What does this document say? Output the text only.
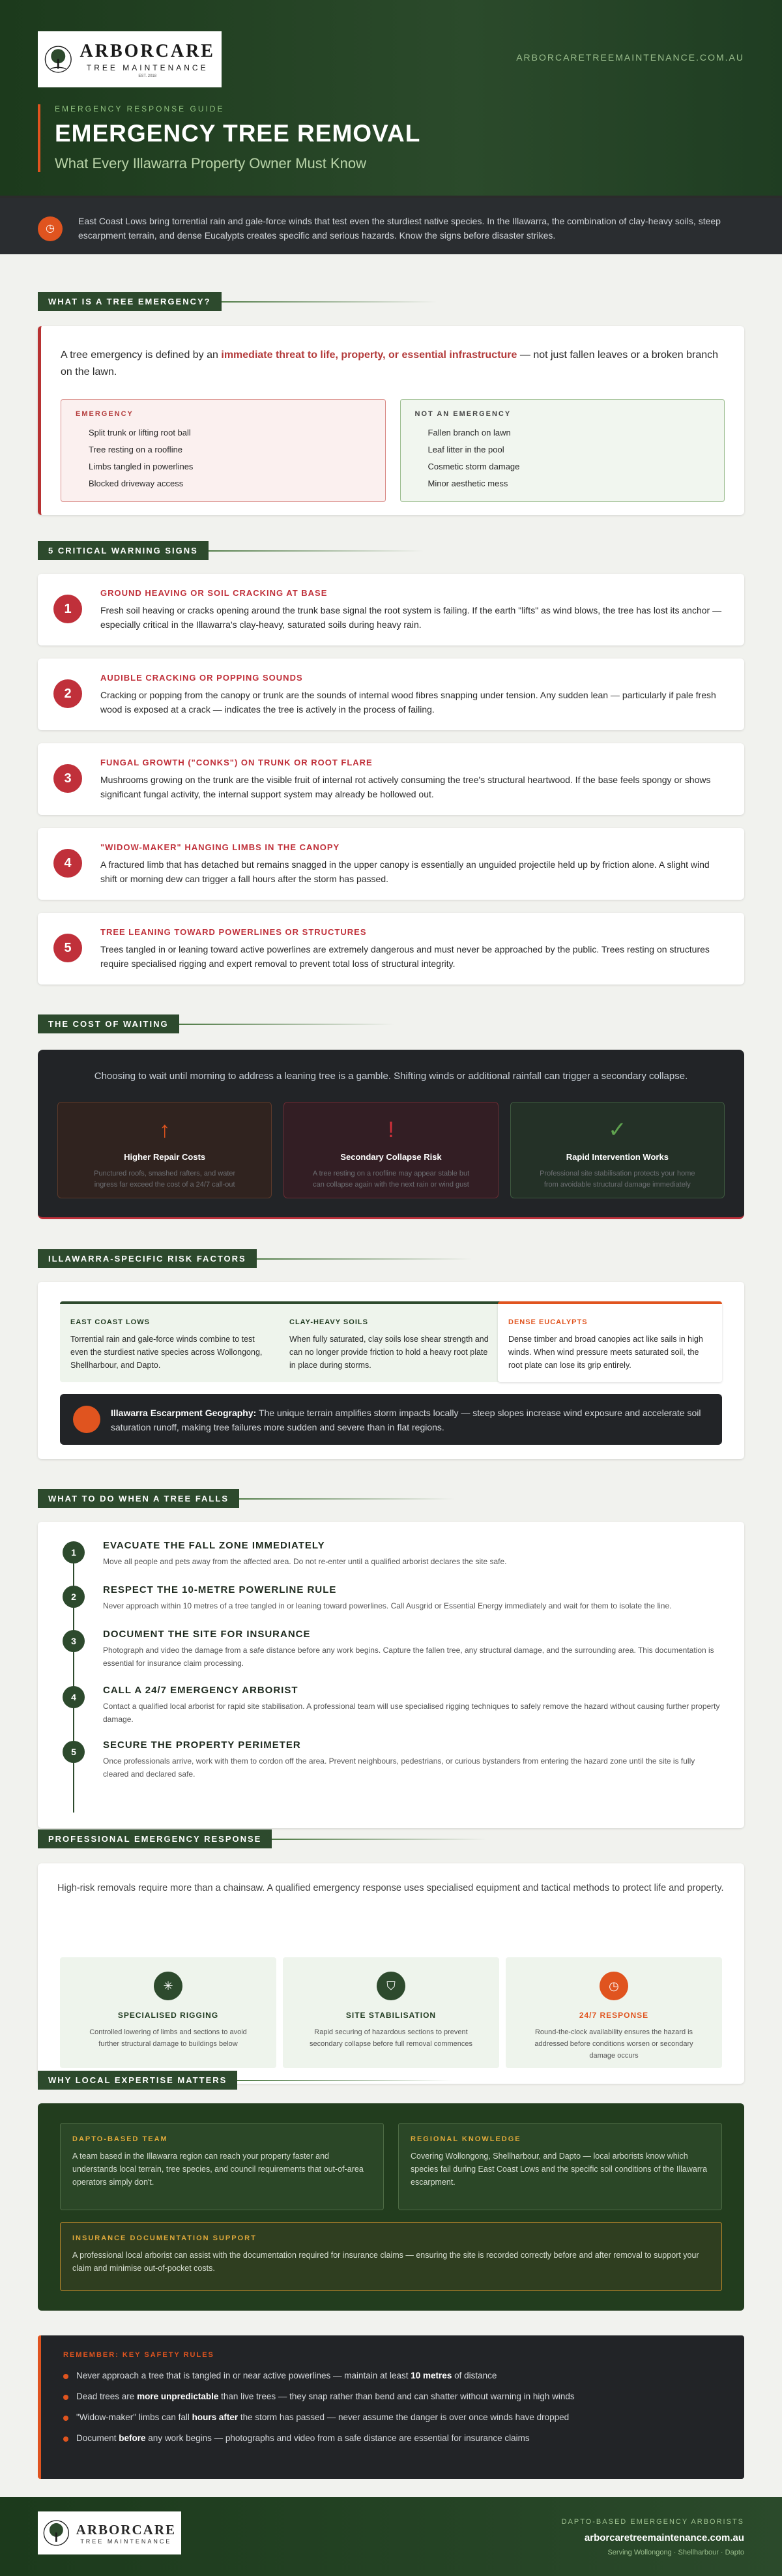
ARBORCARE
TREE MAINTENANCE
EST. 2018
ARBORCARETREEMAINTENANCE.COM.AU
EMERGENCY RESPONSE GUIDE
EMERGENCY TREE REMOVAL
What Every Illawarra Property Owner Must Know
◷
East Coast Lows bring torrential rain and gale-force winds that test even the sturdiest native species. In the Illawarra, the combination of clay-heavy soils, steep escarpment terrain, and dense Eucalypts creates specific and serious hazards. Know the signs before disaster strikes.
WHAT IS A TREE EMERGENCY?

A tree emergency is defined by an immediate threat to life, property, or essential infrastructure — not just fallen leaves or a broken branch on the lawn.

EMERGENCY
Split trunk or lifting root ball
Tree resting on a roofline
Limbs tangled in powerlines
Blocked driveway access
NOT AN EMERGENCY
Fallen branch on lawn
Leaf litter in the pool
Cosmetic storm damage
Minor aesthetic mess
5 CRITICAL WARNING SIGNS
1
GROUND HEAVING OR SOIL CRACKING AT BASE

Fresh soil heaving or cracks opening around the trunk base signal the root system is failing. If the earth "lifts" as wind blows, the tree has lost its anchor — especially critical in the Illawarra's clay-heavy, saturated soils during heavy rain.

2
AUDIBLE CRACKING OR POPPING SOUNDS

Cracking or popping from the canopy or trunk are the sounds of internal wood fibres snapping under tension. Any sudden lean — particularly if pale fresh wood is exposed at a crack — indicates the tree is actively in the process of failing.

3
FUNGAL GROWTH ("CONKS") ON TRUNK OR ROOT FLARE

Mushrooms growing on the trunk are the visible fruit of internal rot actively consuming the tree's structural heartwood. If the base feels spongy or shows significant fungal activity, the internal support system may already be hollowed out.

4
"WIDOW-MAKER" HANGING LIMBS IN THE CANOPY

A fractured limb that has detached but remains snagged in the upper canopy is essentially an unguided projectile held up by friction alone. A slight wind shift or morning dew can trigger a fall hours after the storm has passed.

5
TREE LEANING TOWARD POWERLINES OR STRUCTURES

Trees tangled in or leaning toward active powerlines are extremely dangerous and must never be approached by the public. Trees resting on structures require specialised rigging and expert removal to prevent total loss of structural integrity.

THE COST OF WAITING
Choosing to wait until morning to address a leaning tree is a gamble. Shifting winds or additional rainfall can trigger a secondary collapse.
↑
Higher Repair Costs

Punctured roofs, smashed rafters, and water ingress far exceed the cost of a 24/7 call-out

!
Secondary Collapse Risk

A tree resting on a roofline may appear stable but can collapse again with the next rain or wind gust

✓
Rapid Intervention Works

Professional site stabilisation protects your home from avoidable structural damage immediately

ILLAWARRA-SPECIFIC RISK FACTORS
EAST COAST LOWS

Torrential rain and gale-force winds combine to test even the sturdiest native species across Wollongong, Shellharbour, and Dapto.

CLAY-HEAVY SOILS

When fully saturated, clay soils lose shear strength and can no longer provide friction to hold a heavy root plate in place during storms.

DENSE EUCALYPTS

Dense timber and broad canopies act like sails in high winds. When wind pressure meets saturated soil, the root plate can lose its grip entirely.

Illawarra Escarpment Geography: The unique terrain amplifies storm impacts locally — steep slopes increase wind exposure and accelerate soil saturation runoff, making tree failures more sudden and severe than in flat regions.
WHAT TO DO WHEN A TREE FALLS
1
EVACUATE THE FALL ZONE IMMEDIATELY

Move all people and pets away from the affected area. Do not re-enter until a qualified arborist declares the site safe.

2
RESPECT THE 10-METRE POWERLINE RULE

Never approach within 10 metres of a tree tangled in or leaning toward powerlines. Call Ausgrid or Essential Energy immediately and wait for them to isolate the line.

3
DOCUMENT THE SITE FOR INSURANCE

Photograph and video the damage from a safe distance before any work begins. Capture the fallen tree, any structural damage, and the surrounding area. This documentation is essential for insurance claim processing.

4
CALL A 24/7 EMERGENCY ARBORIST

Contact a qualified local arborist for rapid site stabilisation. A professional team will use specialised rigging techniques to safely remove the hazard without causing further property damage.

5
SECURE THE PROPERTY PERIMETER

Once professionals arrive, work with them to cordon off the area. Prevent neighbours, pedestrians, or curious bystanders from entering the hazard zone until the site is fully cleared and declared safe.

PROFESSIONAL EMERGENCY RESPONSE

High-risk removals require more than a chainsaw. A qualified emergency response uses specialised equipment and tactical methods to protect life and property.

✳
SPECIALISED RIGGING

Controlled lowering of limbs and sections to avoid further structural damage to buildings below

⛉
SITE STABILISATION

Rapid securing of hazardous sections to prevent secondary collapse before full removal commences

◷
24/7 RESPONSE

Round-the-clock availability ensures the hazard is addressed before conditions worsen or secondary damage occurs

WHY LOCAL EXPERTISE MATTERS
DAPTO-BASED TEAM

A team based in the Illawarra region can reach your property faster and understands local terrain, tree species, and council requirements that out-of-area operators simply don't.

REGIONAL KNOWLEDGE

Covering Wollongong, Shellharbour, and Dapto — local arborists know which species fail during East Coast Lows and the specific soil conditions of the Illawarra escarpment.

INSURANCE DOCUMENTATION SUPPORT

A professional local arborist can assist with the documentation required for insurance claims — ensuring the site is recorded correctly before and after removal to support your claim and minimise out-of-pocket costs.

REMEMBER: KEY SAFETY RULES
Never approach a tree that is tangled in or near active powerlines — maintain at least 10 metres of distance
Dead trees are more unpredictable than live trees — they snap rather than bend and can shatter without warning in high winds
"Widow-maker" limbs can fall hours after the storm has passed — never assume the danger is over once winds have dropped
Document before any work begins — photographs and video from a safe distance are essential for insurance claims
ARBORCARE
TREE MAINTENANCE
DAPTO-BASED EMERGENCY ARBORISTS
arborcaretreemaintenance.com.au
Serving Wollongong · Shellharbour · Dapto
